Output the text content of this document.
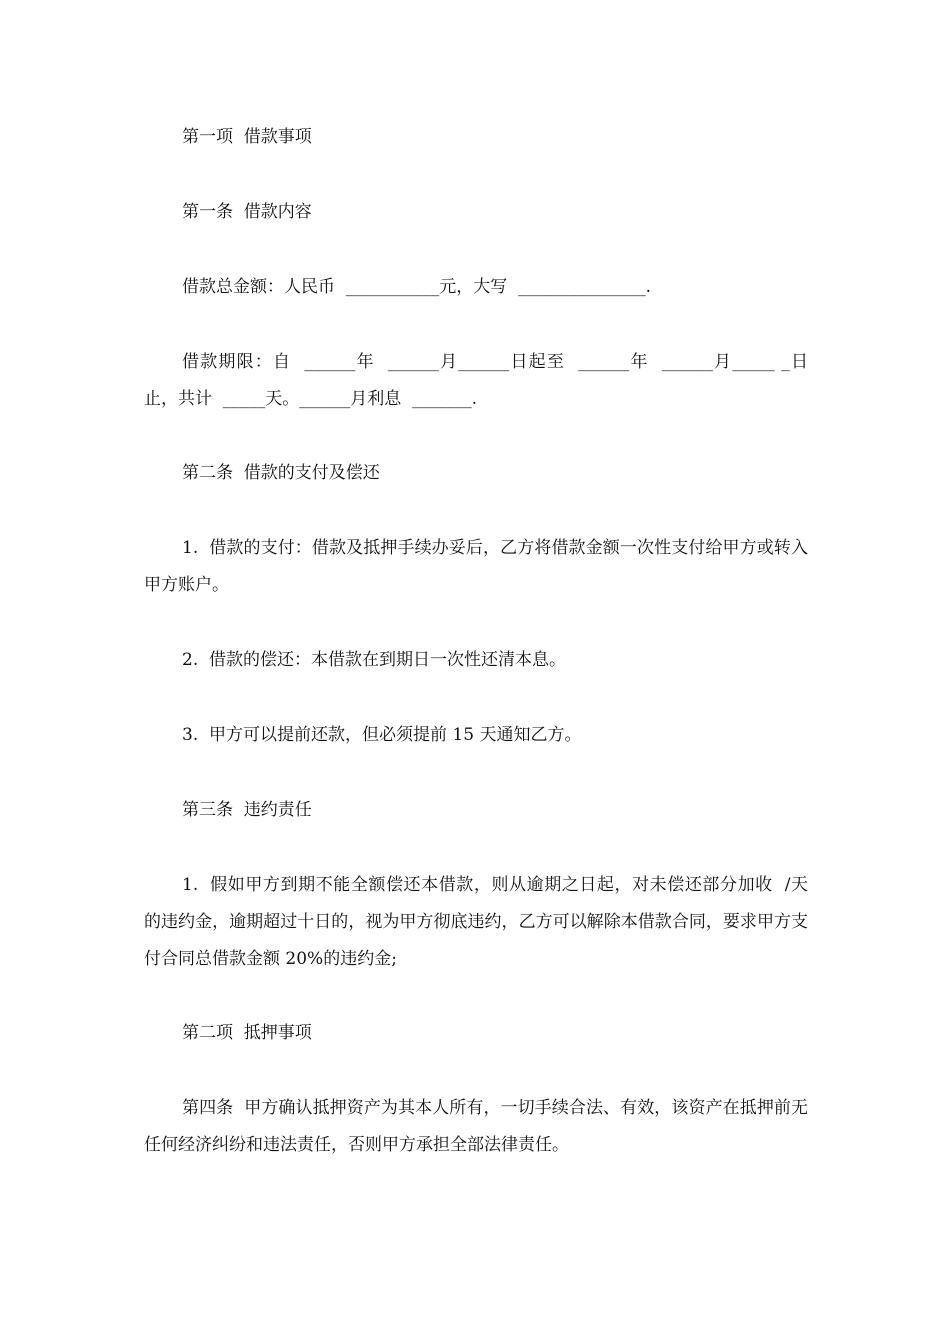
第一项  借款事项

第一条  借款内容

借款总金额：人民币  ___________元，大写  _______________.

借款期限：自  ______年  ______月______日起至  ______年  ______月_____ _日止，共计  _____天。______月利息  _______.

第二条  借款的支付及偿还

1.  借款的支付：借款及抵押手续办妥后，乙方将借款金额一次性支付给甲方或转入甲方账户。

2.  借款的偿还：本借款在到期日一次性还清本息。

3.  甲方可以提前还款，但必须提前 15 天通知乙方。

第三条  违约责任

1.  假如甲方到期不能全额偿还本借款，则从逾期之日起，对未偿还部分加收  /天  的违约金，逾期超过十日的，视为甲方彻底违约，乙方可以解除本借款合同，要求甲方支付合同总借款金额 20%的违约金;

第二项  抵押事项

第四条  甲方确认抵押资产为其本人所有，一切手续合法、有效，该资产在抵押前无任何经济纠纷和违法责任，否则甲方承担全部法律责任。
